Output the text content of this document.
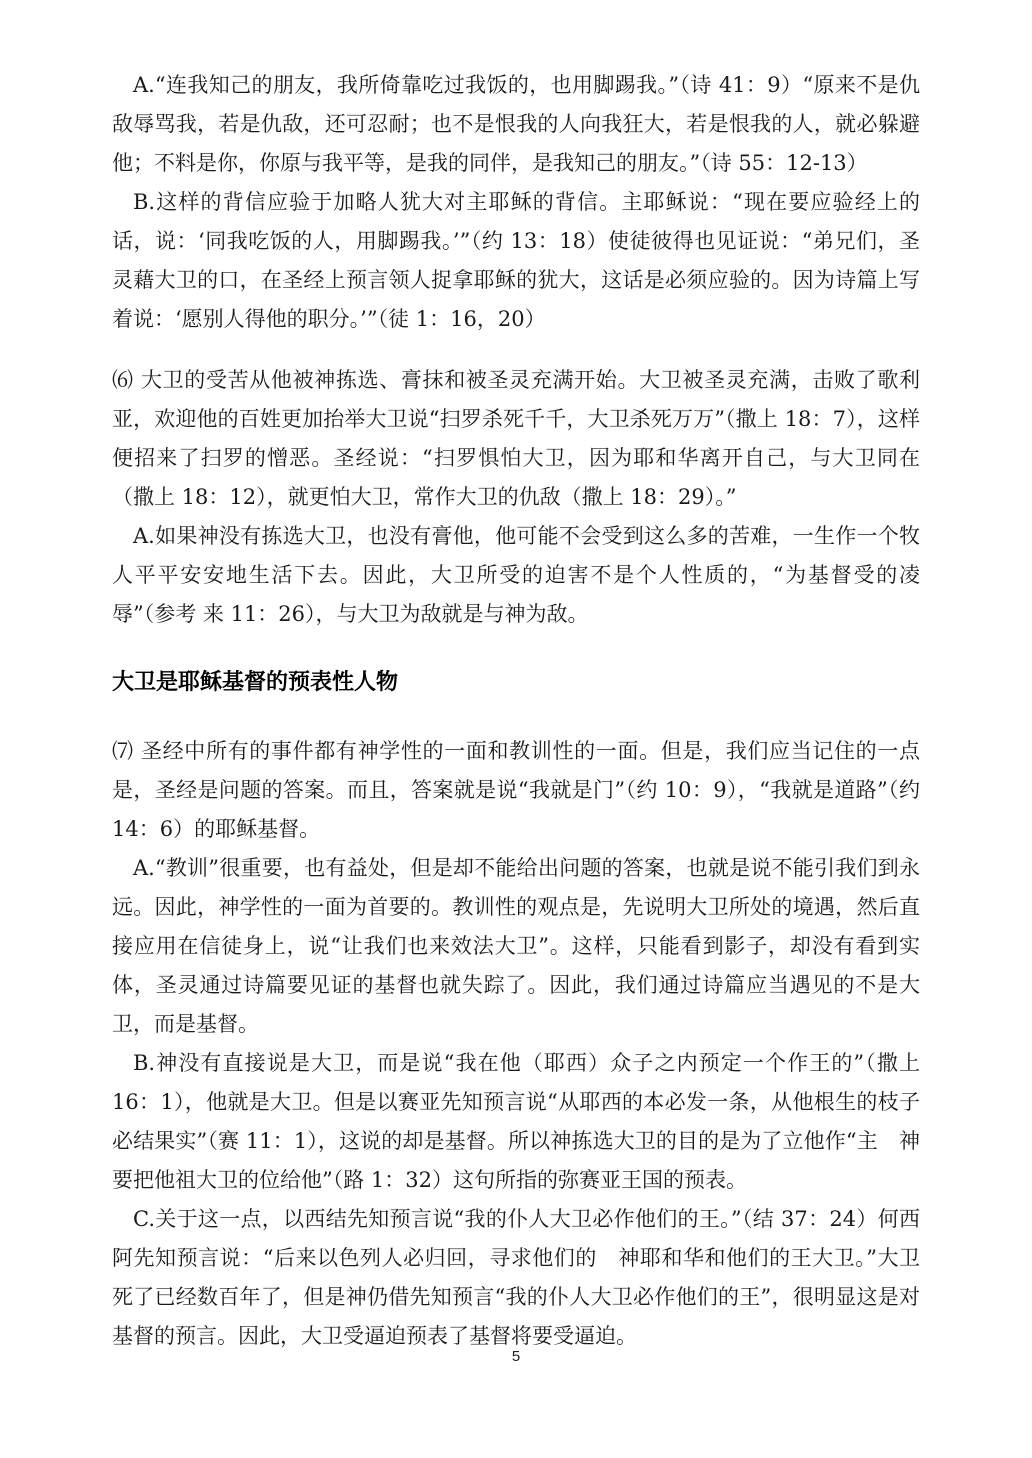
A.“连我知己的朋友，我所倚靠吃过我饭的，也用脚踢我。”（诗 41：9）“原来不是仇敌辱骂我，若是仇敌，还可忍耐；也不是恨我的人向我狂大，若是恨我的人，就必躲避他；不料是你，你原与我平等，是我的同伴，是我知己的朋友。”（诗 55：12-13）

B.这样的背信应验于加略人犹大对主耶稣的背信。主耶稣说：“现在要应验经上的话，说：‘同我吃饭的人，用脚踢我。’”（约 13：18）使徒彼得也见证说：“弟兄们，圣灵藉大卫的口，在圣经上预言领人捉拿耶稣的犹大，这话是必须应验的。因为诗篇上写着说：‘愿别人得他的职分。’”（徒 1：16，20）

⑹ 大卫的受苦从他被神拣选、膏抹和被圣灵充满开始。大卫被圣灵充满，击败了歌利亚，欢迎他的百姓更加抬举大卫说“扫罗杀死千千，大卫杀死万万”（撒上 18：7），这样便招来了扫罗的憎恶。圣经说：“扫罗惧怕大卫，因为耶和华离开自己，与大卫同在（撒上 18：12），就更怕大卫，常作大卫的仇敌（撒上 18：29）。”

A.如果神没有拣选大卫，也没有膏他，他可能不会受到这么多的苦难，一生作一个牧人平平安安地生活下去。因此，大卫所受的迫害不是个人性质的，“为基督受的凌辱”（参考 来 11：26），与大卫为敌就是与神为敌。

大卫是耶稣基督的预表性人物

⑺ 圣经中所有的事件都有神学性的一面和教训性的一面。但是，我们应当记住的一点是，圣经是问题的答案。而且，答案就是说“我就是门”（约 10：9），“我就是道路”（约 14：6）的耶稣基督。

A.“教训”很重要，也有益处，但是却不能给出问题的答案，也就是说不能引我们到永远。因此，神学性的一面为首要的。教训性的观点是，先说明大卫所处的境遇，然后直接应用在信徒身上，说“让我们也来效法大卫”。这样，只能看到影子，却没有看到实体，圣灵通过诗篇要见证的基督也就失踪了。因此，我们通过诗篇应当遇见的不是大卫，而是基督。

B.神没有直接说是大卫，而是说“我在他（耶西）众子之内预定一个作王的”（撒上 16：1），他就是大卫。但是以赛亚先知预言说“从耶西的本必发一条，从他根生的枝子必结果实”（赛 11：1），这说的却是基督。所以神拣选大卫的目的是为了立他作“主　神要把他祖大卫的位给他”（路 1：32）这句所指的弥赛亚王国的预表。

C.关于这一点，以西结先知预言说“我的仆人大卫必作他们的王。”（结 37：24）何西阿先知预言说：“后来以色列人必归回，寻求他们的　神耶和华和他们的王大卫。”大卫死了已经数百年了，但是神仍借先知预言“我的仆人大卫必作他们的王”，很明显这是对基督的预言。因此，大卫受逼迫预表了基督将要受逼迫。

5
